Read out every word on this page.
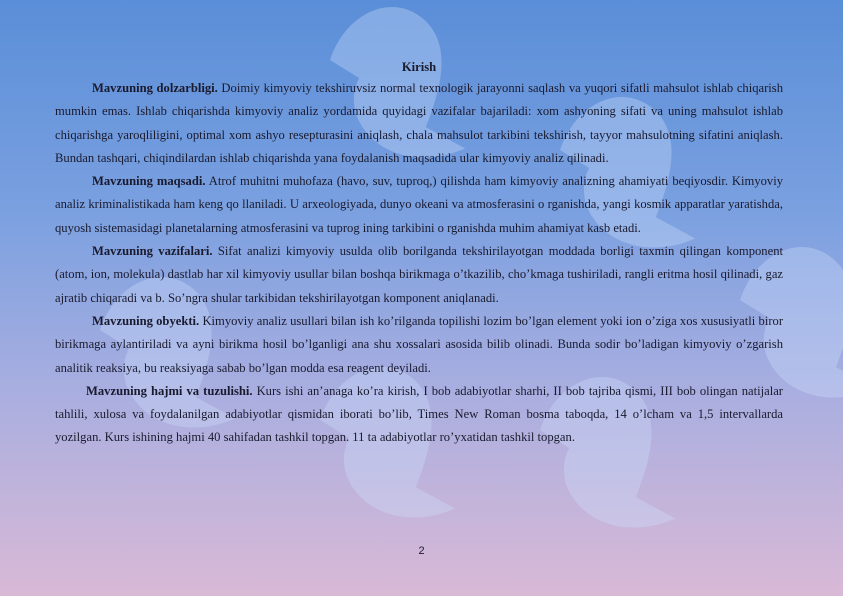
Kirish

Mavzuning dolzarbligi. Doimiy kimyoviy tekshiruvsiz normal texnologik jarayonni saqlash va yuqori sifatli mahsulot ishlab chiqarish mumkin emas. Ishlab chiqarishda kimyoviy analiz yordamida quyidagi vazifalar bajariladi: xom ashyoning sifati va uning mahsulot ishlab chiqarishga yaroqliligini, optimal xom ashyo resepturasini aniqlash, chala mahsulot tarkibini tekshirish, tayyor mahsulotning sifatini aniqlash. Bundan tashqari, chiqindilardan ishlab chiqarishda yana foydalanish maqsadida ular kimyoviy analiz qilinadi.

Mavzuning maqsadi. Atrof muhitni muhofaza (havo, suv, tuproq,) qilishda ham kimyoviy analizning ahamiyati beqiyosdir. Kimyoviy analiz kriminalistikada ham keng qo llaniladi. U arxeologiyada, dunyo okeani va atmosferasini o rganishda, yangi kosmik apparatlar yaratishda, quyosh sistemasidagi planetalarning atmosferasini va tuprog ining tarkibini o rganishda muhim ahamiyat kasb etadi.

Mavzuning vazifalari. Sifat analizi kimyoviy usulda olib borilganda tekshirilayotgan moddada borligi taxmin qilingan komponent (atom, ion, molekula) dastlab har xil kimyoviy usullar bilan boshqa birikmaga o’tkazilib, cho’kmaga tushiriladi, rangli eritma hosil qilinadi, gaz ajratib chiqaradi va b. So’ngra shular tarkibidan tekshirilayotgan komponent aniqlanadi.

Mavzuning obyekti. Kimyoviy analiz usullari bilan ish ko’rilganda topilishi lozim bo’lgan element yoki ion o’ziga xos xususiyatli biror birikmaga aylantiriladi va ayni birikma hosil bo’lganligi ana shu xossalari asosida bilib olinadi. Bunda sodir bo’ladigan kimyoviy o’zgarish analitik reaksiya, bu reaksiyaga sabab bo’lgan modda esa reagent deyiladi.

Mavzuning hajmi va tuzulishi. Kurs ishi an’anaga ko’ra kirish, I bob adabiyotlar sharhi, II bob tajriba qismi, III bob olingan natijalar tahlili, xulosa va foydalanilgan adabiyotlar qismidan iborati bo’lib, Times New Roman bosma taboqda, 14 o’lcham va 1,5 intervallarda yozilgan. Kurs ishining hajmi 40 sahifadan tashkil topgan. 11 ta adabiyotlar ro’yxatidan tashkil topgan.

2
